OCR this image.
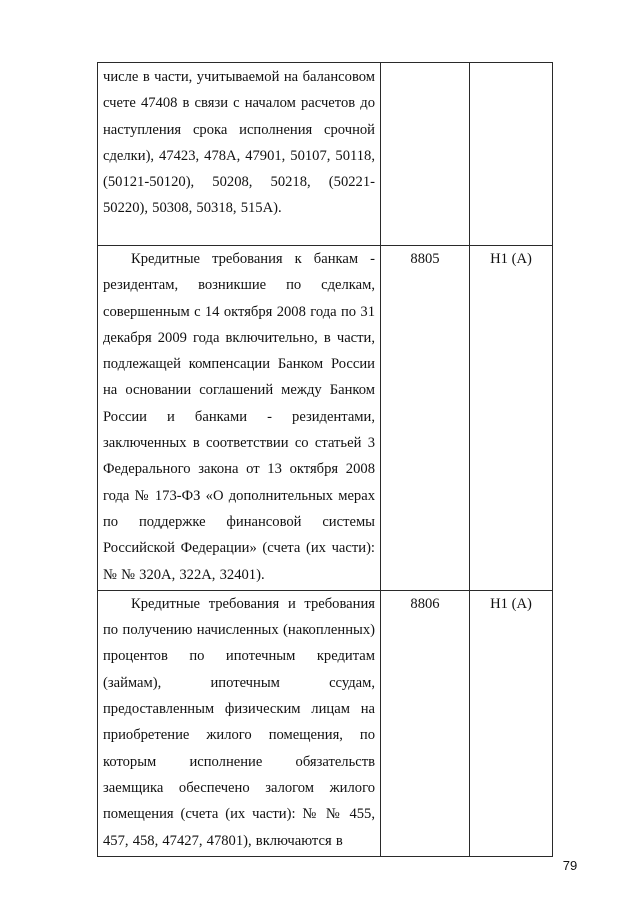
числе в части, учитываемой на балансовом счете 47408 в связи с началом расчетов до наступления срока исполнения срочной сделки), 47423, 478А, 47901, 50107, 50118, (50121-50120), 50208, 50218, (50221-50220), 50308, 50318, 515А).		

Кредитные требования к банкам - резидентам, возникшие по сделкам, совершенным с 14 октября 2008 года по 31 декабря 2009 года включительно, в части, подлежащей компенсации Банком России на основании соглашений между Банком России и банками - резидентами, заключенных в соответствии со статьей 3 Федерального закона от 13 октября 2008 года № 173-ФЗ «О дополнительных мерах по поддержке финансовой системы Российской Федерации» (счета (их части): № № 320А, 322А, 32401).	8805	Н1 (А)

Кредитные требования и требования по получению начисленных (накопленных) процентов по ипотечным кредитам (займам), ипотечным ссудам, предоставленным физическим лицам на приобретение жилого помещения, по которым исполнение обязательств заемщика обеспечено залогом жилого помещения (счета (их части): № № 455, 457, 458, 47427, 47801), включаются в	8806	Н1 (А)
79
